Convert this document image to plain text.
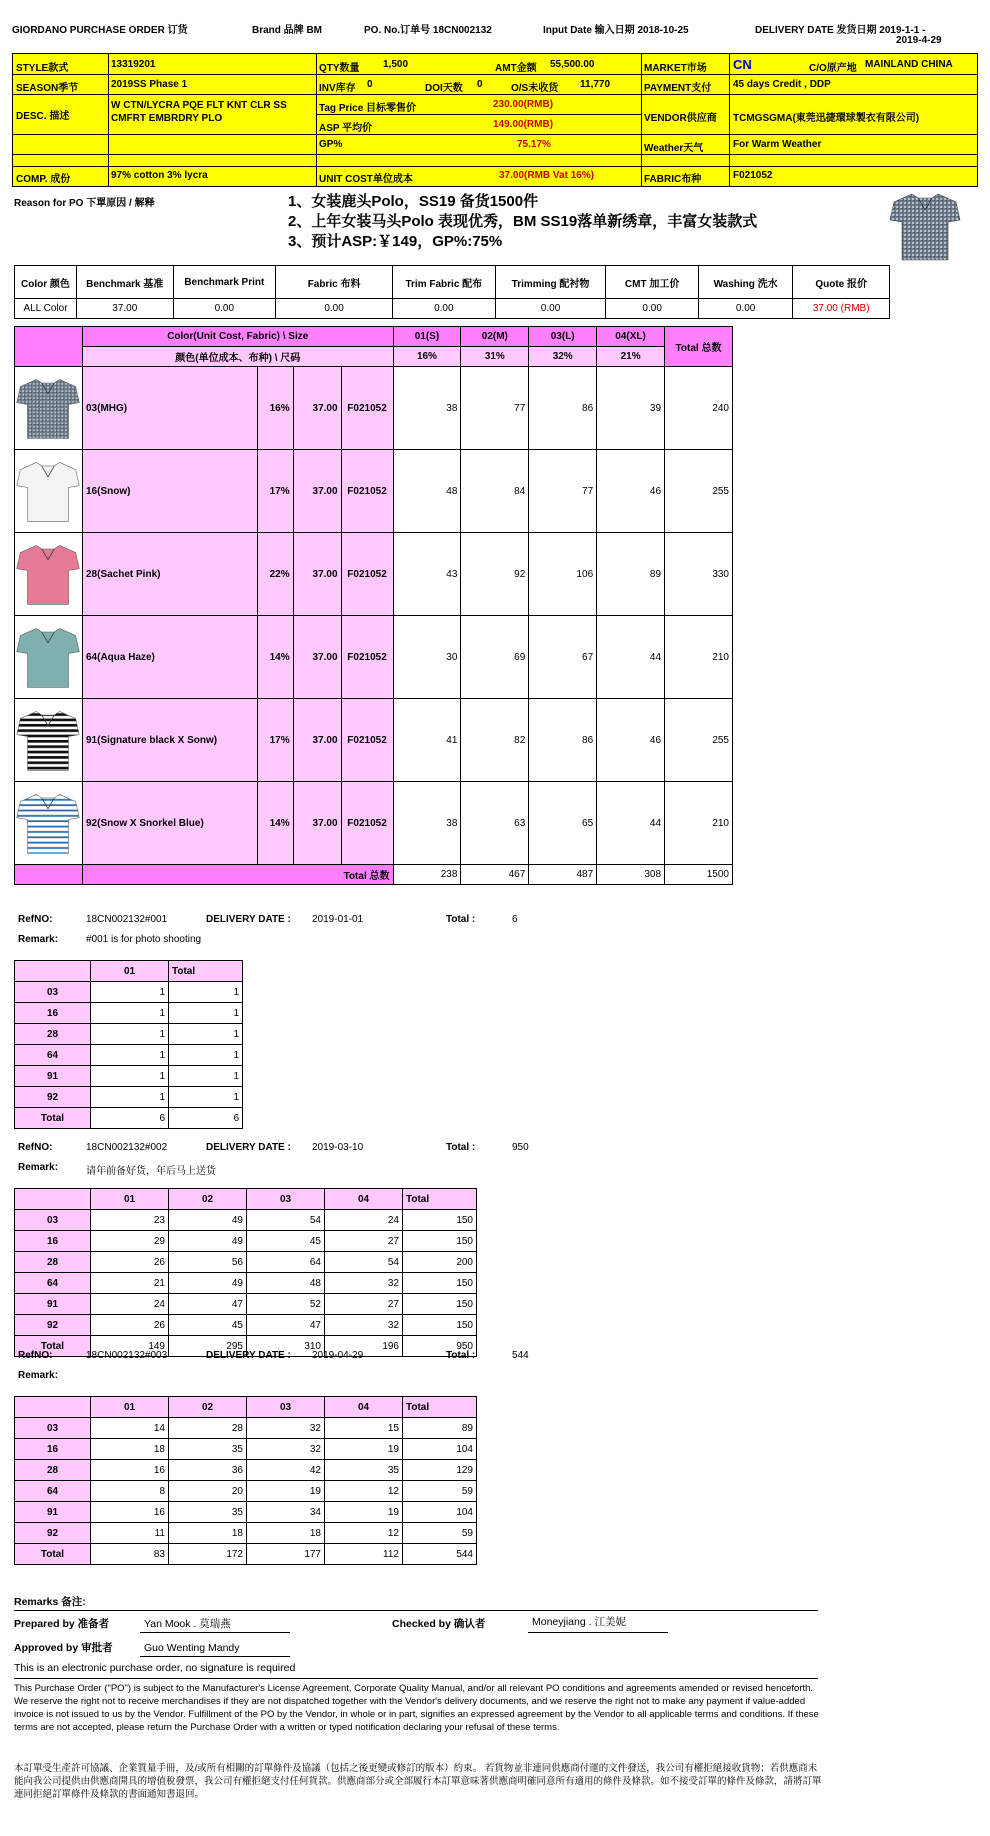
GIORDANO PURCHASE ORDER 订货	Brand 品牌 BM	PO. No.订单号 18CN002132	Input Date 输入日期 2018-10-25	DELIVERY DATE 发货日期 2019-1-1 -
2019-4-29
STYLE款式	13319201	QTY数量 1,500	AMT金额 55,500.00	MARKET市场 CN	C/O原产地 MAINLAND CHINA
SEASON季节	2019SS Phase 1	INV库存 0	DOI天数 0	O/S未收货 11,770	PAYMENT支付 45 days Credit , DDP
DESC. 描述
W CTN/LYCRA PQE FLT KNT CLR SS
CMFRT EMBRDRY PLO
Tag Price 目标零售价	230.00(RMB)
ASP 平均价	149.00(RMB)
VENDOR供应商 TCMGSGMA(東莞迅捷環球製衣有限公司)
GP%	75.17%	Weather天气	For Warm Weather
COMP. 成份	97% cotton 3% lycra	UNIT COST单位成本	37.00(RMB Vat 16%)	FABRIC布种	F021052
Reason for PO 下單原因 / 解释	1、女装鹿头Polo，SS19 备货1500件
2、上年女装马头Polo 表现优秀，BM SS19落单新绣章，丰富女装款式
3、预计ASP:￥149，GP%:75%
Color 颜色	Benchmark 基准	Benchmark Print	Fabric 布料	Trim Fabric 配布	Trimming 配衬物	CMT 加工价	Washing 洗水	Quote 报价
ALL Color	37.00	0.00	0.00	0.00	0.00	0.00	0.00	37.00 (RMB)
	Color(Unit Cost, Fabric) \ Size				01(S)	02(M)	03(L)	04(XL)	Total 总数
	颜色(单位成本、布种) \ 尺码				16%	31%	32%	21%	

	03(MHG)	16%	37.00	F021052	38	77	86	39	240

	16(Snow)	17%	37.00	F021052	48	84	77	46	255

	28(Sachet Pink)	22%	37.00	F021052	43	92	106	89	330

	64(Aqua Haze)	14%	37.00	F021052	30	69	67	44	210

	91(Signature black X Sonw)	17%	37.00	F021052	41	82	86	46	255

	92(Snow X Snorkel Blue)	14%	37.00	F021052	38	63	65	44	210
	Total 总数				238	467	487	308	1500
RefNO:	18CN002132#001	DELIVERY DATE : 2019-01-01	Total :	6
Remark:	#001 is for photo shooting
	01	Total
03	1	1
16	1	1
28	1	1
64	1	1
91	1	1
92	1	1
Total	6	6
RefNO:	18CN002132#002	DELIVERY DATE : 2019-03-10	Total :	950
Remark:	请年前备好货，年后马上送货
	01	02	03	04	Total
03	23	49	54	24	150
16	29	49	45	27	150
28	26	56	64	54	200
64	21	49	48	32	150
91	24	47	52	27	150
92	26	45	47	32	150
Total	149	295	310	196	950
RefNO:	18CN002132#003	DELIVERY DATE : 2019-04-29	Total :	544
Remark:
	01	02	03	04	Total
03	14	28	32	15	89
16	18	35	32	19	104
28	16	36	42	35	129
64	8	20	19	12	59
91	16	35	34	19	104
92	11	18	18	12	59
Total	83	172	177	112	544
Remarks 备注:
Prepared by 准备者	Yan Mook . 莫瑞燕	Checked by 确认者	Moneyjiang . 江美妮
Approved by 审批者	Guo Wenting Mandy
This is an electronic purchase order, no signature is required
This Purchase Order ("PO") is subject to the Manufacturer's License Agreement, Corporate Quality Manual, and/or all relevant PO conditions and agreements amended or revised henceforth. We reserve the right not to receive merchandises if they are not dispatched together with the Vendor's delivery documents, and we reserve the right not to make any payment if value-added invoice is not issued to us by the Vendor. Fulfillment of the PO by the Vendor, in whole or in part, signifies an expressed agreement by the Vendor to all applicable terms and conditions. If these terms are not accepted, please return the Purchase Order with a written or typed notification declaring your refusal of these terms.
本訂單受生產許可協議、企業質量手冊，及/或所有相關的訂單條件及協議（包括之後更變或修訂的版本）約束。 若貨物並非連同供應商付運的文件發送，我公司有權拒絕接收貨物；若供應商未能向我公司提供由供應商開具的增值稅發票，我公司有權拒絕支付任何貨款。供應商部分或全部履行本訂單意味著供應商明確同意所有適用的條件及條款。如不接受訂單的條件及條款，請將訂單連同拒絕訂單條件及條款的書面通知書退回。
